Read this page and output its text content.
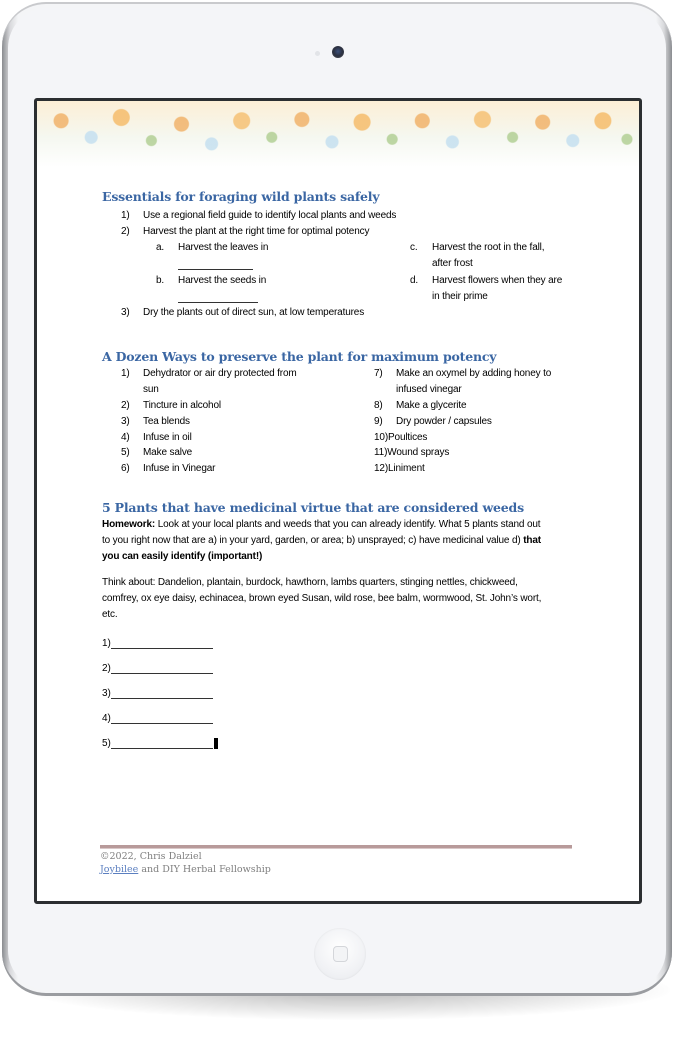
Essentials for foraging wild plants safely
1) Use a regional field guide to identify local plants and weeds
2) Harvest the plant at the right time for optimal potency
a. Harvest the leaves in
b. Harvest the seeds in
c. Harvest the root in the fall,
after frost
d. Harvest flowers when they are
in their prime
3) Dry the plants out of direct sun, at low temperatures
A Dozen Ways to preserve the plant for maximum potency
1) Dehydrator or air dry protected from
sun
2) Tincture in alcohol
3) Tea blends
4) Infuse in oil
5) Make salve
6) Infuse in Vinegar
7) Make an oxymel by adding honey to
infused vinegar
8) Make a glycerite
9) Dry powder / capsules
10)Poultices
11)Wound sprays
12)Liniment
5 Plants that have medicinal virtue that are considered weeds
Homework: Look at your local plants and weeds that you can already identify. What 5 plants stand out
to you right now that are a) in your yard, garden, or area; b) unsprayed; c) have medicinal value d) that
you can easily identify (important!)
Think about: Dandelion, plantain, burdock, hawthorn, lambs quarters, stinging nettles, chickweed,
comfrey, ox eye daisy, echinacea, brown eyed Susan, wild rose, bee balm, wormwood, St. John’s wort,
etc.
1)
2)
3)
4)
5)
©2022, Chris Dalziel
Joybilee and DIY Herbal Fellowship
